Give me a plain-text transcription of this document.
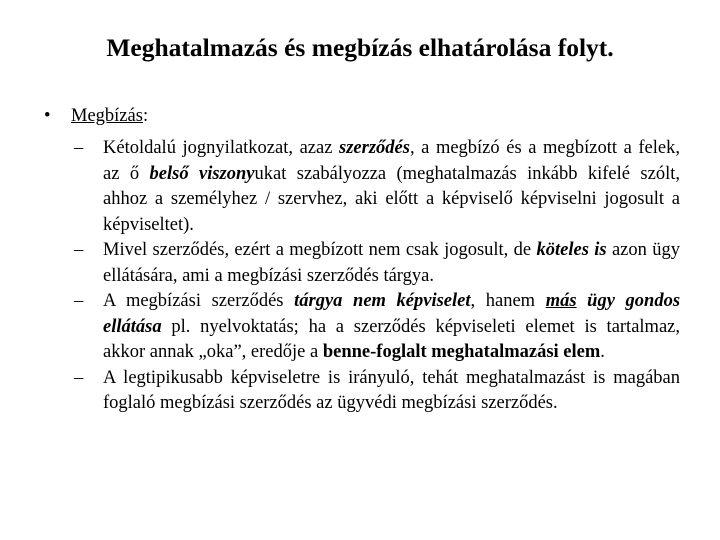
Meghatalmazás és megbízás elhatárolása folyt.
• Megbízás:
–	Kétoldalú jognyilatkozat, azaz szerződés, a megbízó és a megbízott a felek, az ő belső viszonyukat szabályozza (meghatalmazás inkább kifelé szólt, ahhoz a személyhez / szervhez, aki előtt a képviselő képviselni jogosult a képviseltet).
–	Mivel szerződés, ezért a megbízott nem csak jogosult, de köteles is azon ügy ellátására, ami a megbízási szerződés tárgya.
–	A megbízási szerződés tárgya nem képviselet, hanem más ügy gondos ellátása pl. nyelvoktatás; ha a szerződés képviseleti elemet is tartalmaz, akkor annak „oka”, eredője a benne-foglalt meghatalmazási elem.
–	A legtipikusabb képviseletre is irányuló, tehát meghatalmazást is magában foglaló megbízási szerződés az ügyvédi megbízási szerződés.
